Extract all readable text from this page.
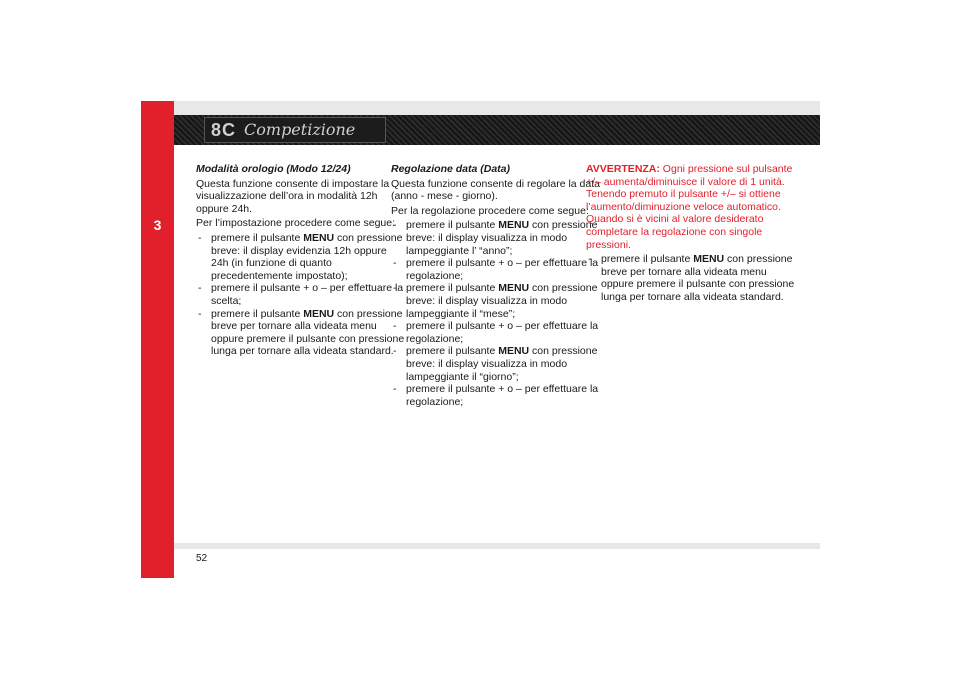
3
8C Competizione
Modalità orologio (Modo 12/24)
Questa funzione consente di impostare la visualizzazione dell’ora in modalità 12h oppure 24h.
Per l’impostazione procedere come segue:
- premere il pulsante MENU con pressione breve: il display evidenzia 12h oppure 24h (in funzione di quanto precedentemente impostato);
- premere il pulsante + o – per effettuare la scelta;
- premere il pulsante MENU con pressione breve per tornare alla videata menu oppure premere il pulsante con pressione lunga per tornare alla videata standard.
Regolazione data (Data)
Questa funzione consente di regolare la data (anno - mese - giorno).
Per la regolazione procedere come segue:
- premere il pulsante MENU con pressione breve: il display visualizza in modo lampeggiante l’ “anno”;
- premere il pulsante + o – per effettuare la regolazione;
- premere il pulsante MENU con pressione breve: il display visualizza in modo lampeggiante il “mese”;
- premere il pulsante + o – per effettuare la regolazione;
- premere il pulsante MENU con pressione breve: il display visualizza in modo lampeggiante il “giorno”;
- premere il pulsante + o – per effettuare la regolazione;
AVVERTENZA: Ogni pressione sul pulsante +/– aumenta/diminuisce il valore di 1 unità. Tenendo premuto il pulsante +/– si ottiene l’aumento/diminuzione veloce automatico. Quando si è vicini al valore desiderato completare la regolazione con singole pressioni.
- premere il pulsante MENU con pressione breve per tornare alla videata menu oppure premere il pulsante con pressione lunga per tornare alla videata standard.
52
